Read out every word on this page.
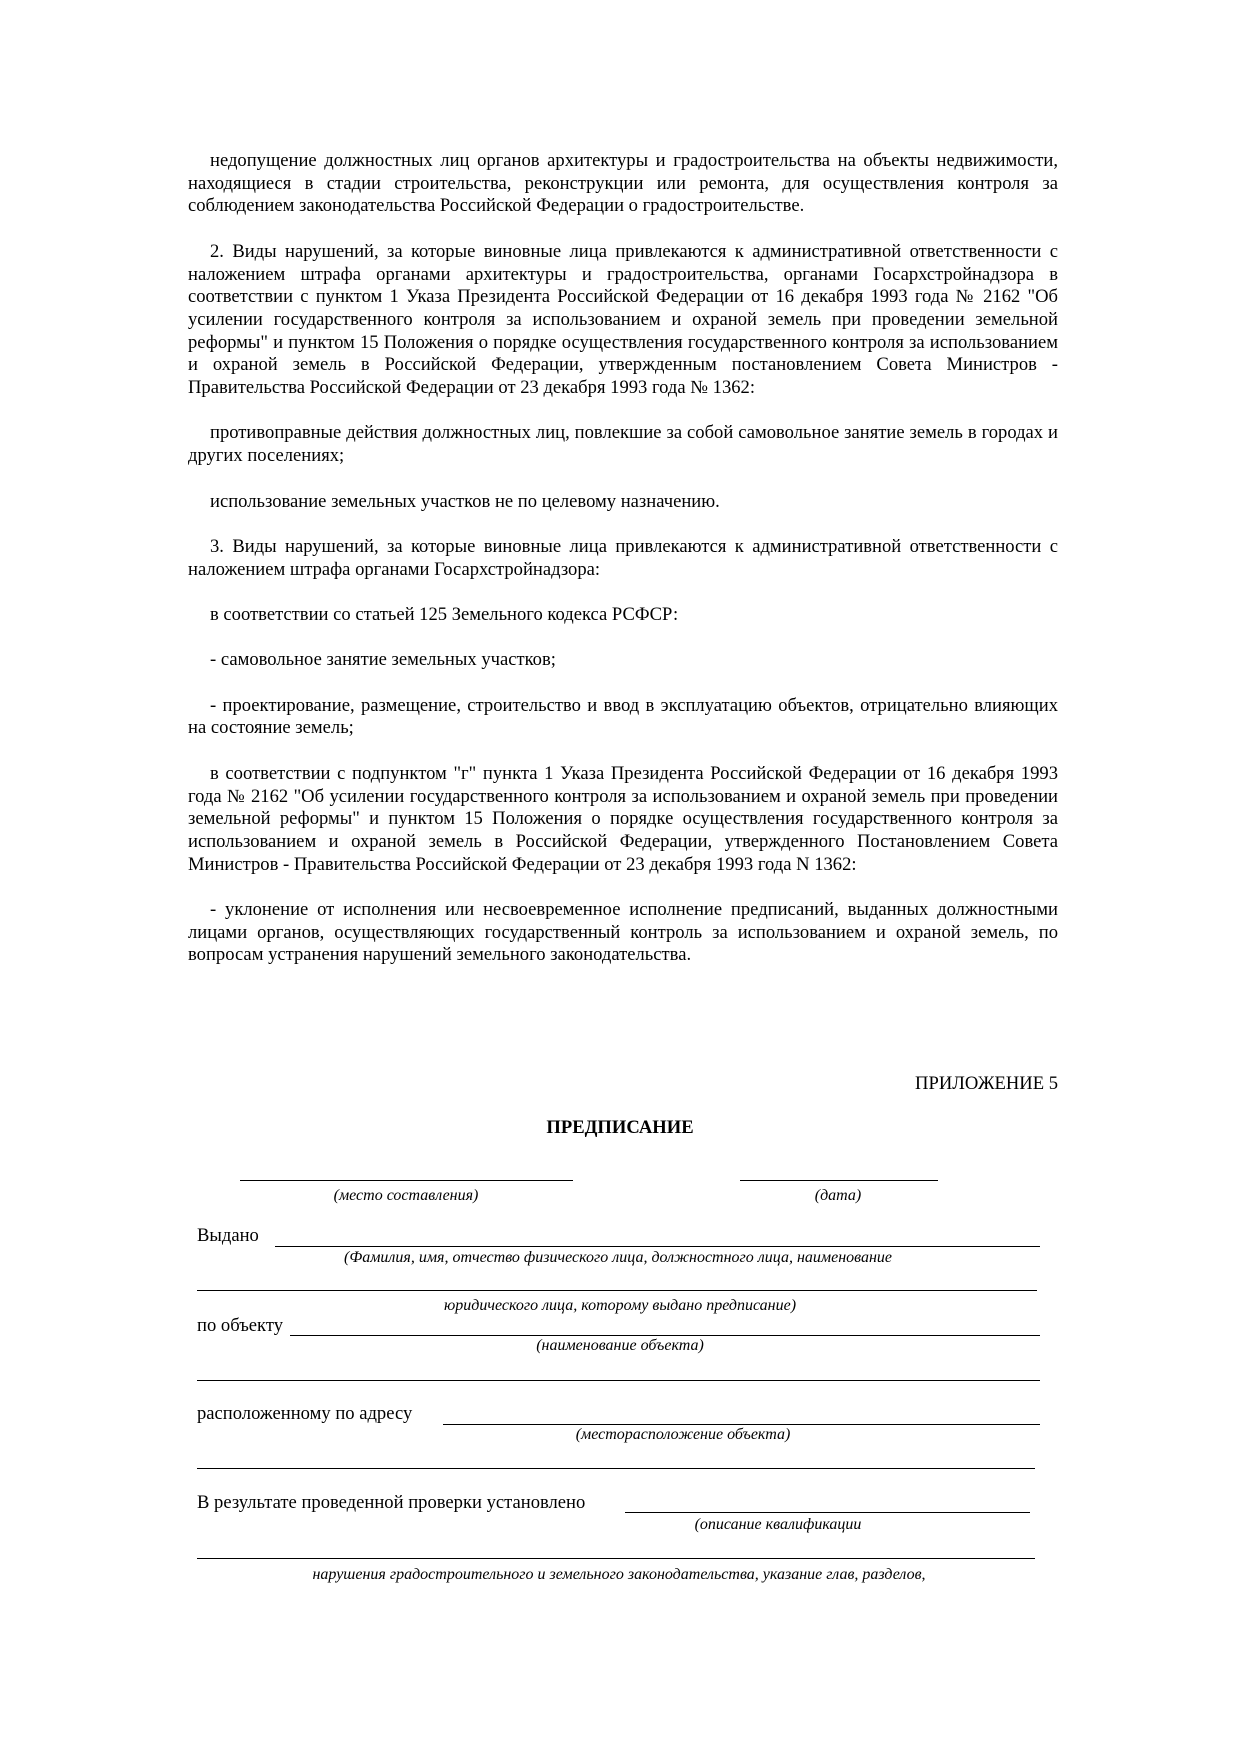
недопущение должностных лиц органов архитектуры и градостроительства на объекты недвижимости, находящиеся в стадии строительства, реконструкции или ремонта, для осуществления контроля за соблюдением законодательства Российской Федерации о градостроительстве.

2. Виды нарушений, за которые виновные лица привлекаются к административной ответственности с наложением штрафа органами архитектуры и градостроительства, органами Госархстройнадзора в соответствии с пунктом 1 Указа Президента Российской Федерации от 16 декабря 1993 года № 2162 "Об усилении государственного контроля за использованием и охраной земель при проведении земельной реформы" и пунктом 15 Положения о порядке осуществления государственного контроля за использованием и охраной земель в Российской Федерации, утвержденным постановлением Совета Министров - Правительства Российской Федерации от 23 декабря 1993 года № 1362:

противоправные действия должностных лиц, повлекшие за собой самовольное занятие земель в городах и других поселениях;

использование земельных участков не по целевому назначению.

3. Виды нарушений, за которые виновные лица привлекаются к административной ответственности с наложением штрафа органами Госархстройнадзора:

в соответствии со статьей 125 Земельного кодекса РСФСР:

- самовольное занятие земельных участков;

- проектирование, размещение, строительство и ввод в эксплуатацию объектов, отрицательно влияющих на состояние земель;

в соответствии с подпунктом "г" пункта 1 Указа Президента Российской Федерации от 16 декабря 1993 года № 2162 "Об усилении государственного контроля за использованием и охраной земель при проведении земельной реформы" и пунктом 15 Положения о порядке осуществления государственного контроля за использованием и охраной земель в Российской Федерации, утвержденного Постановлением Совета Министров - Правительства Российской Федерации от 23 декабря 1993 года N 1362:

- уклонение от исполнения или несвоевременное исполнение предписаний, выданных должностными лицами органов, осуществляющих государственный контроль за использованием и охраной земель, по вопросам устранения нарушений земельного законодательства.

ПРИЛОЖЕНИЕ 5
ПРЕДПИСАНИЕ
(место составления)	(дата)
Выдано
(Фамилия, имя, отчество физического лица, должностного лица, наименование
юридического лица, которому выдано предписание)
по объекту
(наименование объекта)
расположенному по адресу
(месторасположение объекта)
В результате проведенной проверки установлено
(описание квалификации
нарушения градостроительного и земельного законодательства, указание глав, разделов,
